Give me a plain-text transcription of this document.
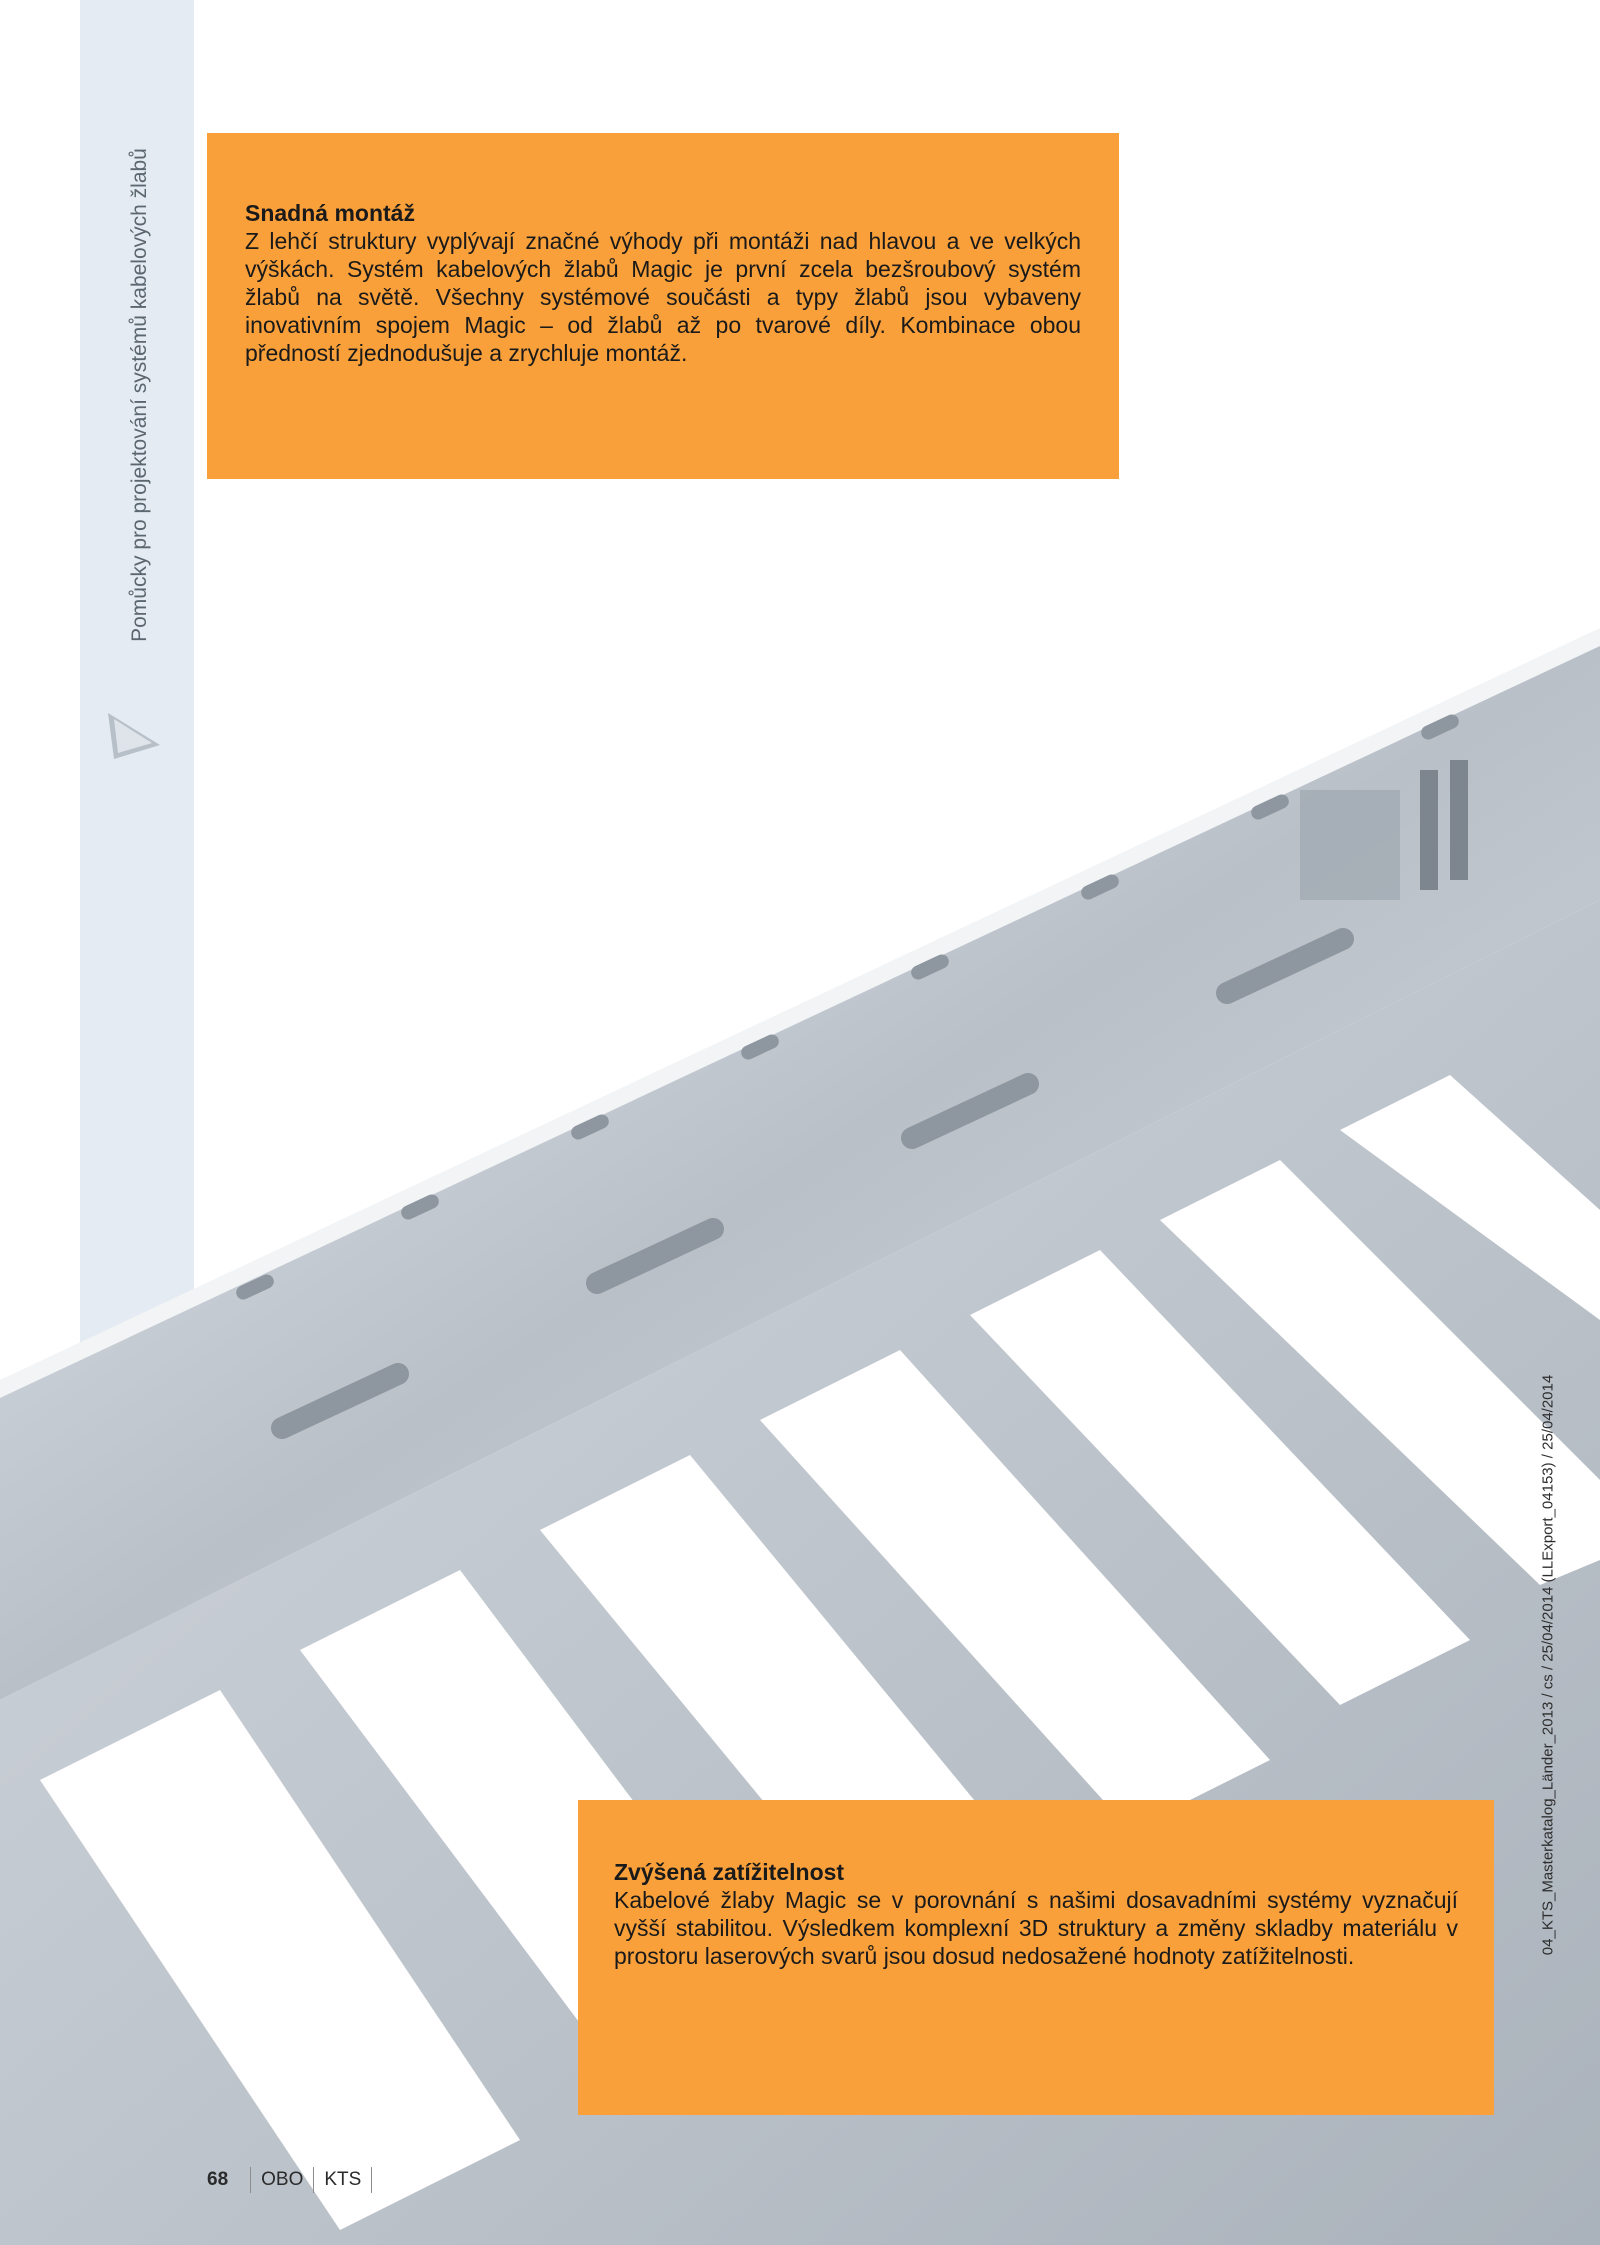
Pomůcky pro projektování systémů kabelových žlabů	Snadná montáž

Z lehčí struktury vyplývají značné výhody při montáži nad hlavou a ve velkých výškách. Systém kabelových žlabů Magic je první zcela bezšroubový systém žlabů na světě. Všechny systémové součásti a typy žlabů jsou vybaveny inovativním spojem Magic – od žlabů až po tvarové díly. Kombinace obou předností zjednodušuje a zrychluje montáž.

Zvýšená zatížitelnost

Kabelové žlaby Magic se v porovnání s našimi dosavadními systémy vyznačují vyšší stabilitou. Výsledkem komplexní 3D struktury a změny skladby materiálu v prostoru laserových svarů jsou dosud nedosažené hodnoty zatížitelnosti.

04_KTS_Masterkatalog_Länder_2013 / cs / 25/04/2014 (LLExport_04153) / 25/04/2014
68 OBO KTS
